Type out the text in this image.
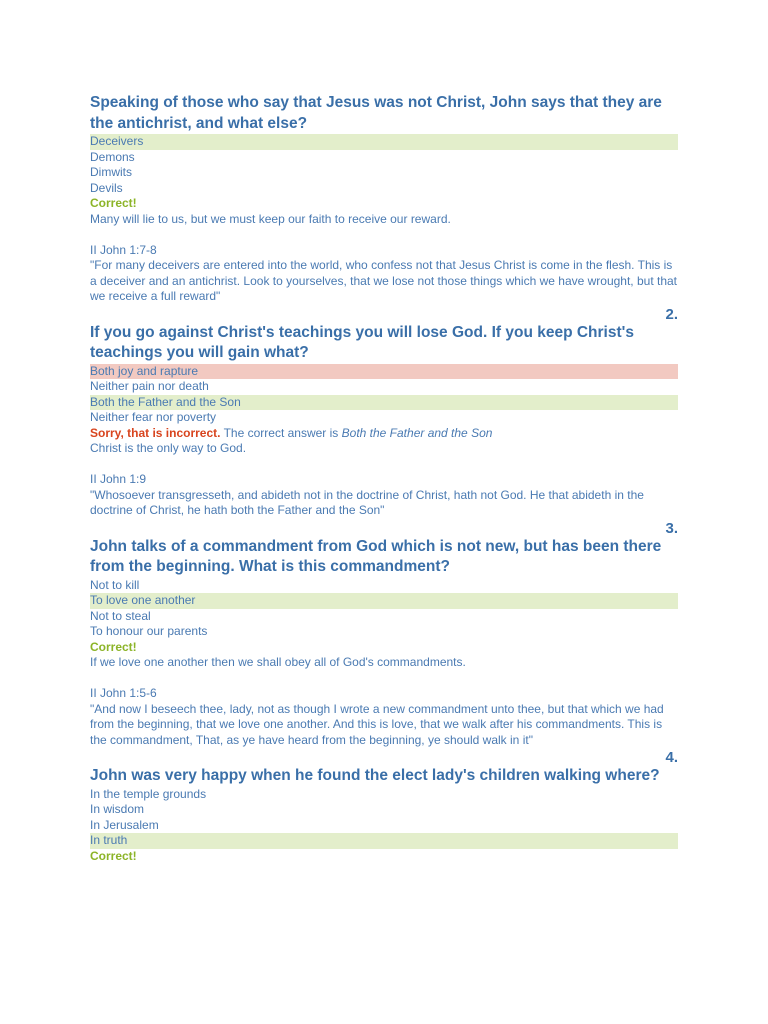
Speaking of those who say that Jesus was not Christ, John says that they are the antichrist, and what else?

Deceivers
Demons
Dimwits
Devils
Correct!
Many will lie to us, but we must keep our faith to receive our reward.
II John 1:7-8
"For many deceivers are entered into the world, who confess not that Jesus Christ is come in the flesh. This is a deceiver and an antichrist. Look to yourselves, that we lose not those things which we have wrought, but that we receive a full reward"
2.

If you go against Christ's teachings you will lose God. If you keep Christ's teachings you will gain what?

Both joy and rapture
Neither pain nor death
Both the Father and the Son
Neither fear nor poverty
Sorry, that is incorrect. The correct answer is Both the Father and the Son
Christ is the only way to God.
II John 1:9
"Whosoever transgresseth, and abideth not in the doctrine of Christ, hath not God. He that abideth in the doctrine of Christ, he hath both the Father and the Son"
3.

John talks of a commandment from God which is not new, but has been there from the beginning. What is this commandment?

Not to kill
To love one another
Not to steal
To honour our parents
Correct!
If we love one another then we shall obey all of God's commandments.
II John 1:5-6
"And now I beseech thee, lady, not as though I wrote a new commandment unto thee, but that which we had from the beginning, that we love one another. And this is love, that we walk after his commandments. This is the commandment, That, as ye have heard from the beginning, ye should walk in it"
4.

John was very happy when he found the elect lady's children walking where?

In the temple grounds
In wisdom
In Jerusalem
In truth
Correct!
